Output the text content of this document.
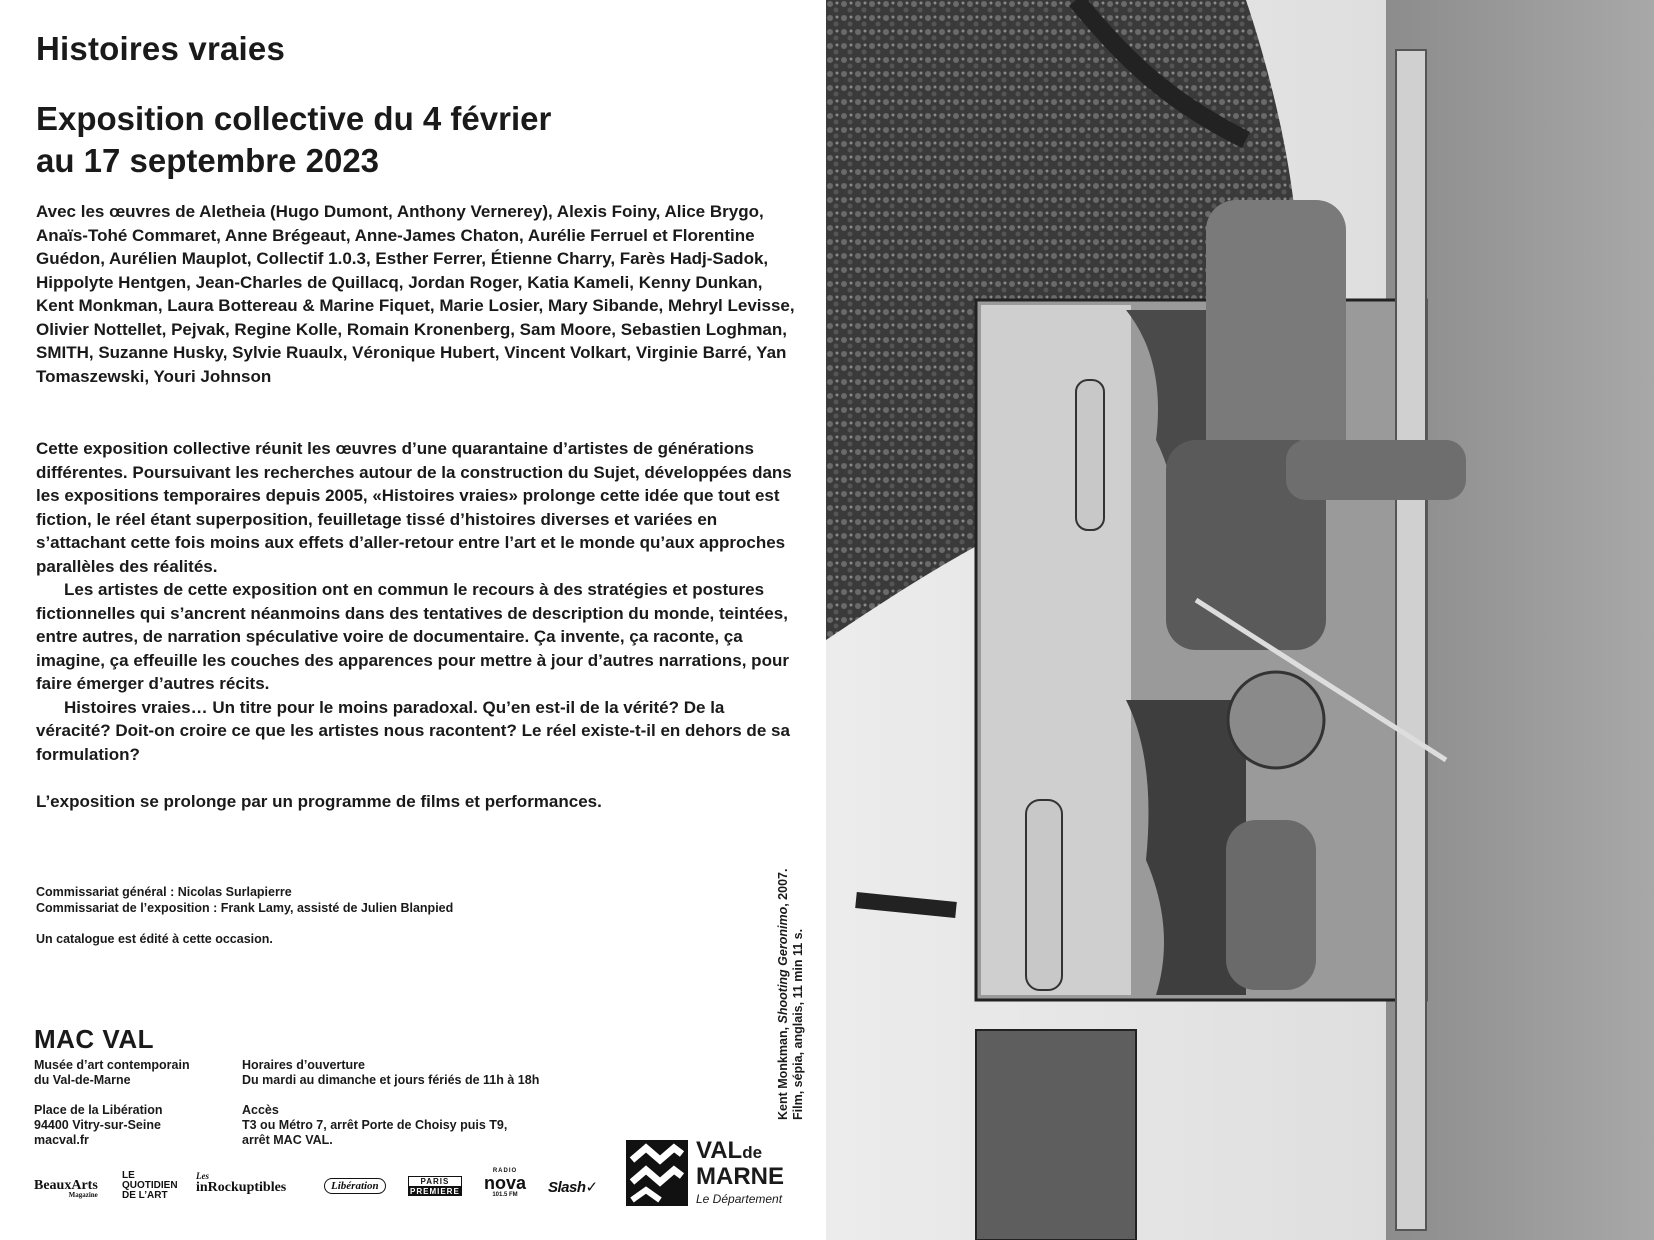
Histoires vraies
Exposition collective du 4 février
au 17 septembre 2023
Avec les œuvres de Aletheia (Hugo Dumont, Anthony Vernerey), Alexis Foiny, Alice Brygo, Anaïs-Tohé Commaret, Anne Brégeaut, Anne-James Chaton, Aurélie Ferruel et Florentine Guédon, Aurélien Mauplot, Collectif 1.0.3, Esther Ferrer, Étienne Charry, Farès Hadj-Sadok, Hippolyte Hentgen, Jean-Charles de Quillacq, Jordan Roger, Katia Kameli, Kenny Dunkan, Kent Monkman, Laura Bottereau & Marine Fiquet, Marie Losier, Mary Sibande, Mehryl Levisse, Olivier Nottellet, Pejvak, Regine Kolle, Romain Kronenberg, Sam Moore, Sebastien Loghman, SMITH, Suzanne Husky, Sylvie Ruaulx, Véronique Hubert, Vincent Volkart, Virginie Barré, Yan Tomaszewski, Youri Johnson

Cette exposition collective réunit les œuvres d’une quarantaine d’artistes de générations différentes. Poursuivant les recherches autour de la construction du Sujet, développées dans les expositions temporaires depuis 2005, «Histoires vraies» prolonge cette idée que tout est fiction, le réel étant superposition, feuilletage tissé d’histoires diverses et variées en s’attachant cette fois moins aux effets d’aller-retour entre l’art et le monde qu’aux approches parallèles des réalités.

Les artistes de cette exposition ont en commun le recours à des stratégies et postures fictionnelles qui s’ancrent néanmoins dans des tentatives de description du monde, teintées, entre autres, de narration spéculative voire de documentaire. Ça invente, ça raconte, ça imagine, ça effeuille les couches des apparences pour mettre à jour d’autres narrations, pour faire émerger d’autres récits.

Histoires vraies… Un titre pour le moins paradoxal. Qu’en est-il de la vérité? De la véracité? Doit-on croire ce que les artistes nous racontent? Le réel existe-t-il en dehors de sa formulation?

L’exposition se prolonge par un programme de films et performances.

Commissariat général : Nicolas Surlapierre
Commissariat de l’exposition : Frank Lamy, assisté de Julien Blanpied
Un catalogue est édité à cette occasion.
MAC VAL
Musée d’art contemporain
du Val-de-Marne
Horaires d’ouverture
Du mardi au dimanche et jours fériés de 11h à 18h
Place de la Libération
94400 Vitry-sur-Seine
macval.fr
Accès
T3 ou Métro 7, arrêt Porte de Choisy puis T9,
arrêt MAC VAL.
BeauxArts
Magazine
LE
QUOTIDIEN
DE L’ART
Les
inRockuptibles	Libération	PARIS
PREMIERE
RADIO
nova
101.5 FM	Slash✓
VALde
MARNE
Le Département
Kent Monkman, Shooting Geronimo, 2007.
Film, sépia, anglais, 11 min 11 s.
